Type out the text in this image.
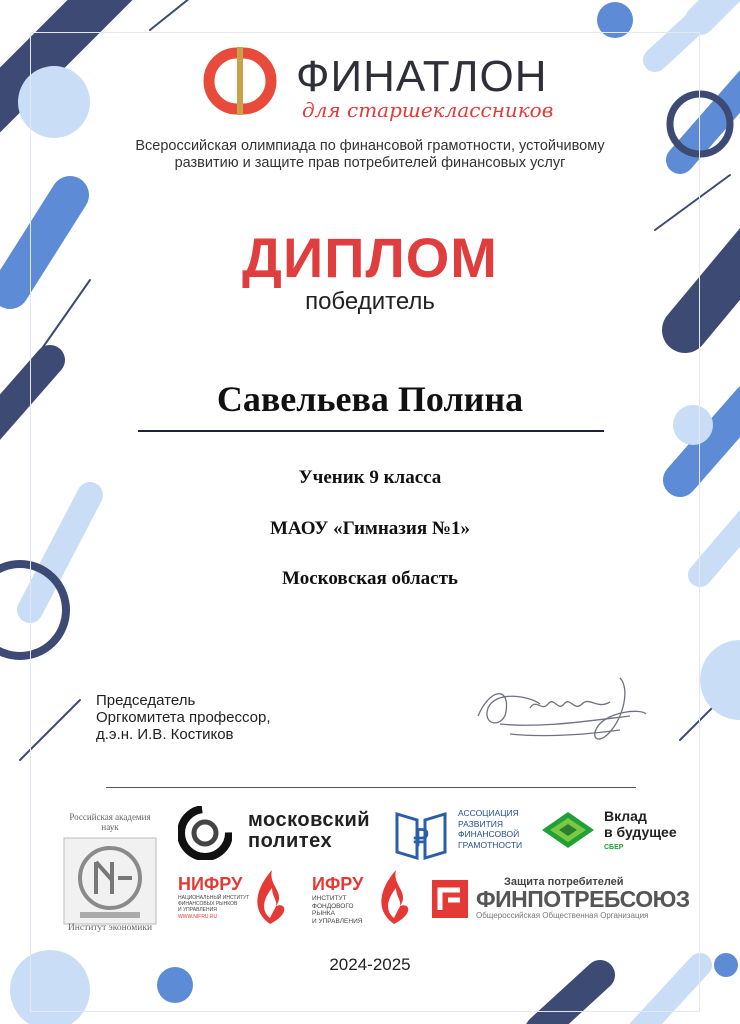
ФИНАТЛОН
для старшеклассников
Всероссийская олимпиада по финансовой грамотности, устойчивому
развитию и защите прав потребителей финансовых услуг
ДИПЛОМ
победитель
Савельева Полина
Ученик 9 класса
МАОУ «Гимназия №1»
Московская область
Председатель
Оргкомитета профессор,
д.э.н. И.В. Костиков
Российская академия наук
Институт экономики
московский
политех	₽
АССОЦИАЦИЯ
РАЗВИТИЯ
ФИНАНСОВОЙ
ГРАМОТНОСТИ
Вклад
в будущее
СБЕР
НИФРУ
НАЦИОНАЛЬНЫЙ ИНСТИТУТ
ФИНАНСОВЫХ РЫНКОВ
И УПРАВЛЕНИЯ
WWW.NIFRU.RU
ИФРУ
ИНСТИТУТ
ФОНДОВОГО
РЫНКА
И УПРАВЛЕНИЯ
Защита потребителей
ФИНПОТРЕБСОЮЗ
Общероссийская Общественная Организация
2024-2025
